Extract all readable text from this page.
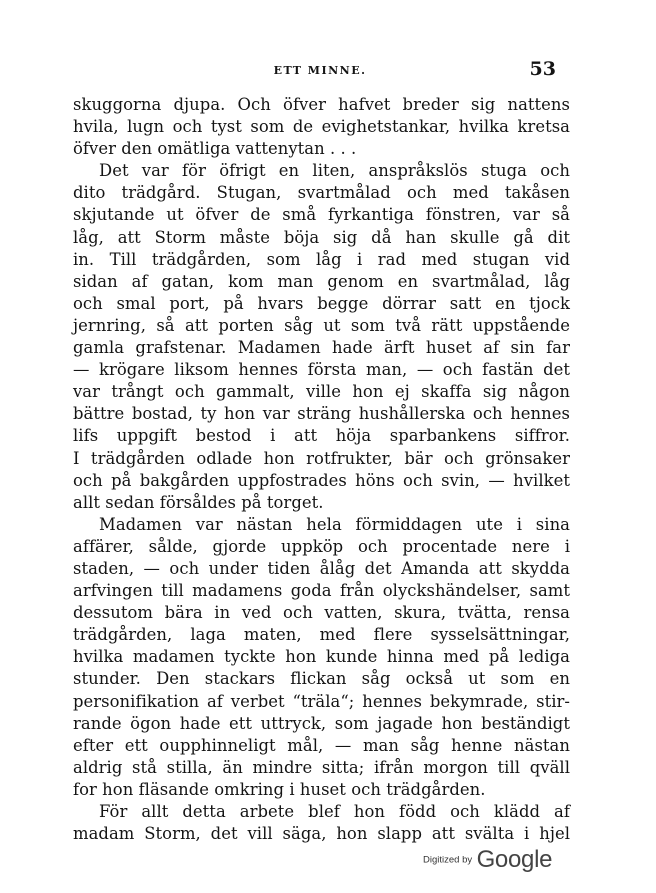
ETT MINNE.	53
skuggorna djupa. Och öfver hafvet breder sig nattens
hvila, lugn och tyst som de evighetstankar, hvilka kretsa
öfver den omätliga vattenytan . . .
Det var för öfrigt en liten, anspråkslös stuga och
dito trädgård. Stugan, svartmålad och med takåsen
skjutande ut öfver de små fyrkantiga fönstren, var så
låg, att Storm måste böja sig då han skulle gå dit
in. Till trädgården, som låg i rad med stugan vid
sidan af gatan, kom man genom en svartmålad, låg
och smal port, på hvars begge dörrar satt en tjock
jernring, så att porten såg ut som två rätt uppstående
gamla grafstenar. Madamen hade ärft huset af sin far
— krögare liksom hennes första man, — och fastän det
var trångt och gammalt, ville hon ej skaffa sig någon
bättre bostad, ty hon var sträng hushållerska och hennes
lifs uppgift bestod i att höja sparbankens siffror.
I trädgården odlade hon rotfrukter, bär och grönsaker
och på bakgården uppfostrades höns och svin, — hvilket
allt sedan försåldes på torget.
Madamen var nästan hela förmiddagen ute i sina
affärer, sålde, gjorde uppköp och procentade nere i
staden, — och under tiden ålåg det Amanda att skydda
arfvingen till madamens goda från olyckshändelser, samt
dessutom bära in ved och vatten, skura, tvätta, rensa
trädgården, laga maten, med flere sysselsättningar,
hvilka madamen tyckte hon kunde hinna med på lediga
stunder. Den stackars flickan såg också ut som en
personifikation af verbet “träla“; hennes bekymrade, stir-
rande ögon hade ett uttryck, som jagade hon beständigt
efter ett oupphinneligt mål, — man såg henne nästan
aldrig stå stilla, än mindre sitta; ifrån morgon till qväll
for hon fläsande omkring i huset och trädgården.
För allt detta arbete blef hon född och klädd af
madam Storm, det vill säga, hon slapp att svälta i hjel
Digitized by Google
